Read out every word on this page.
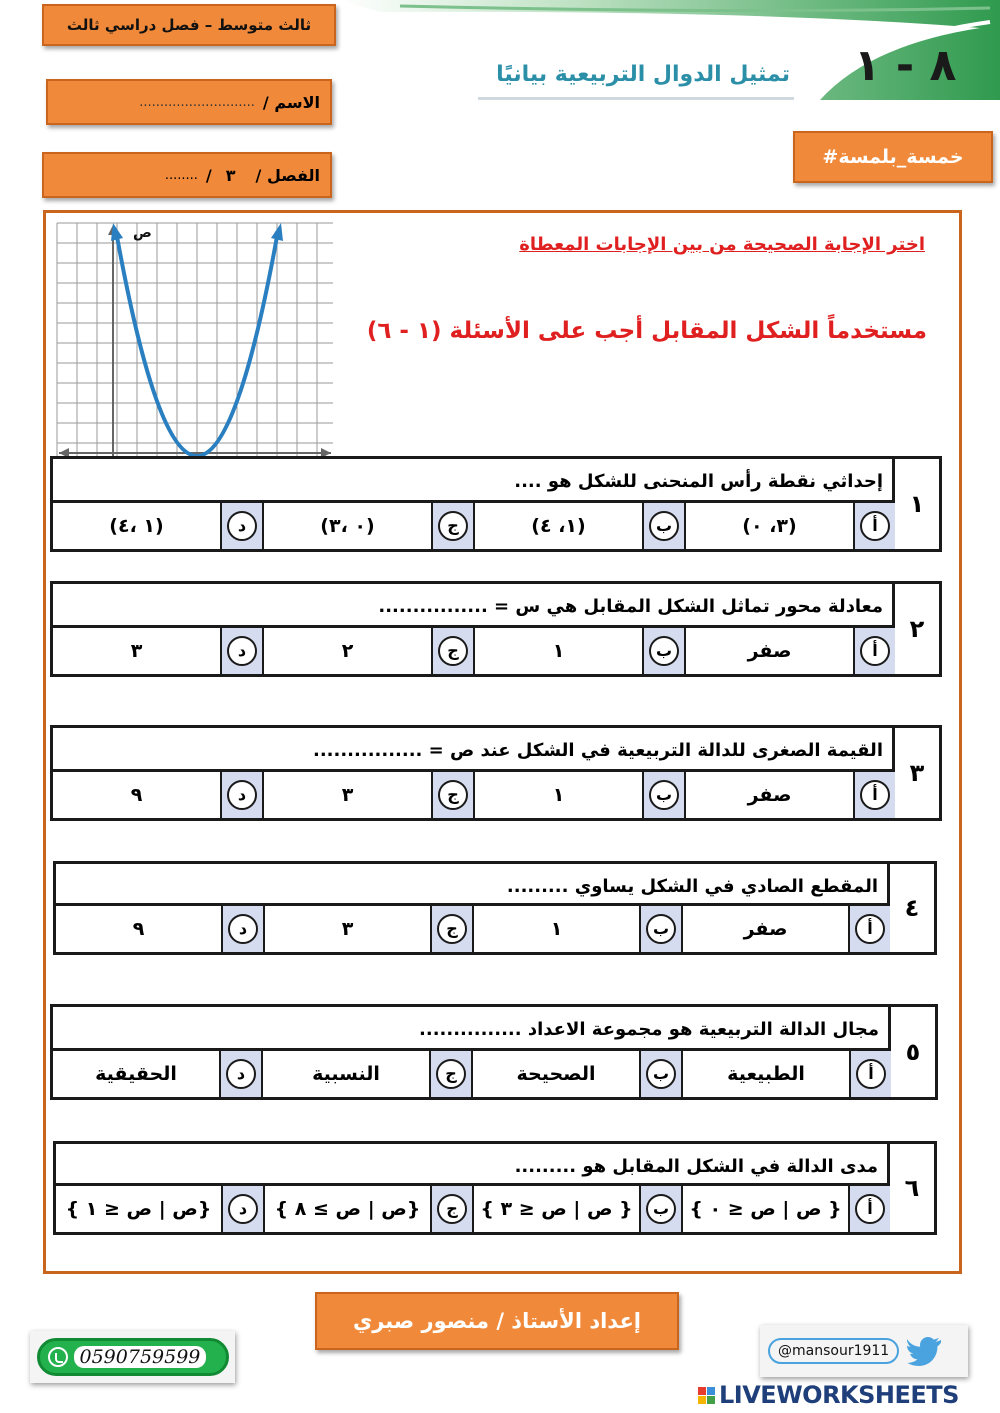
ثالث متوسط – فصل دراسي ثالث
............................ الاسم /
........ / ٣ الفصل /
تمثيل الدوال التربيعية بيانيًا	٨ - ١
#خمسة_بلمسة
اختر الإجابة الصحيحة من بين الإجابات المعطاة
مستخدماً الشكل المقابل أجب على الأسئلة (١ - ٦)
ص
١
إحداثي نقطة رأس المنحنى للشكل هو ....
أ
(٣، ٠)
ب
(١، ٤)
ج
(٠ ،٣)
د
(١ ،٤)
٢
معادلة محور تماثل الشكل المقابل هي س = ................
أ
صفر
ب
١
ج
٢
د
٣
٣
القيمة الصغرى للدالة التربيعية في الشكل عند ص = ................
أ
صفر
ب
١
ج
٣
د
٩
٤
المقطع الصادي في الشكل يساوي .........
أ
صفر
ب
١
ج
٣
د
٩
٥
مجال الدالة التربيعية هو مجموعة الاعداد ...............
أ
الطبيعية
ب
الصحيحة
ج
النسبية
د
الحقيقية
٦
مدى الدالة في الشكل المقابل هو .........
أ
{ ص | ص ≤ ٠ }
ب
{ ص | ص ≤ ٣ }
ج
{ص | ص ≥ ٨ }
د
{ص | ص ≤ ١ }
إعداد الأستاذ / منصور صبري
0590759599	@mansour1911
LIVEWORKSHEETS
